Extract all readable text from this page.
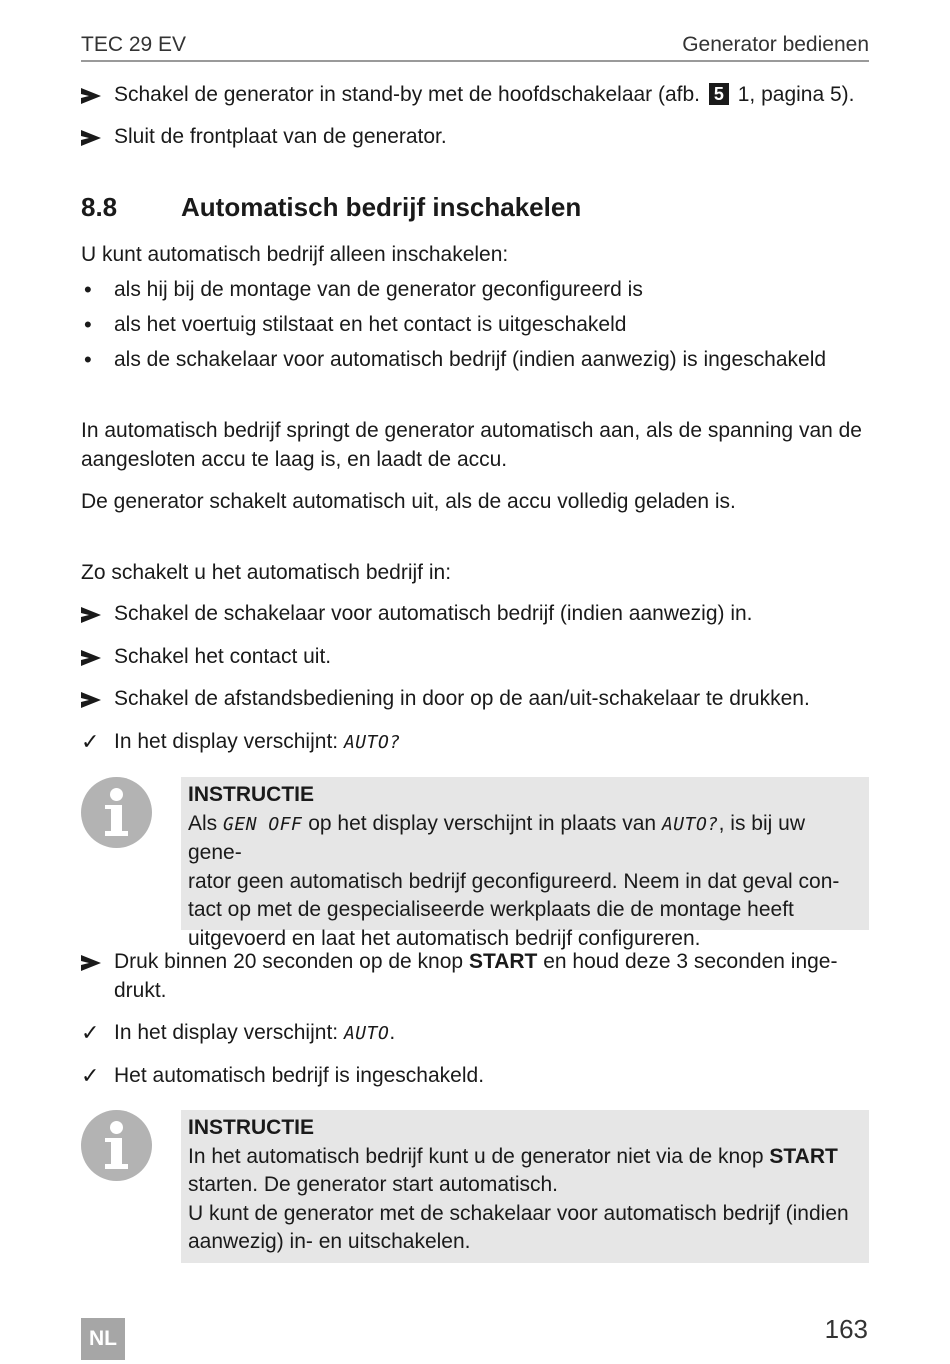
TEC 29 EV	Generator bedienen
Schakel de generator in stand-by met de hoofdschakelaar (afb. 5 1, pagina 5).
Sluit de frontplaat van de generator.
8.8 Automatisch bedrijf inschakelen
U kunt automatisch bedrijf alleen inschakelen:
•	als hij bij de montage van de generator geconfigureerd is
•	als het voertuig stilstaat en het contact is uitgeschakeld
•	als de schakelaar voor automatisch bedrijf (indien aanwezig) is ingeschakeld
In automatisch bedrijf springt de generator automatisch aan, als de spanning van de aangesloten accu te laag is, en laadt de accu.
De generator schakelt automatisch uit, als de accu volledig geladen is.
Zo schakelt u het automatisch bedrijf in:
Schakel de schakelaar voor automatisch bedrijf (indien aanwezig) in.
Schakel het contact uit.
Schakel de afstandsbediening in door op de aan/uit-schakelaar te drukken.
✓ In het display verschijnt: AUTO?
INSTRUCTIE
Als GEN OFF op het display verschijnt in plaats van AUTO?, is bij uw gene-
rator geen automatisch bedrijf geconfigureerd. Neem in dat geval con-
tact op met de gespecialiseerde werkplaats die de montage heeft
uitgevoerd en laat het automatisch bedrijf configureren.
Druk binnen 20 seconden op de knop START en houd deze 3 seconden inge-
drukt.
✓ In het display verschijnt: AUTO.
✓ Het automatisch bedrijf is ingeschakeld.
INSTRUCTIE
In het automatisch bedrijf kunt u de generator niet via de knop START
starten. De generator start automatisch.
U kunt de generator met de schakelaar voor automatisch bedrijf (indien
aanwezig) in- en uitschakelen.
NL	163
